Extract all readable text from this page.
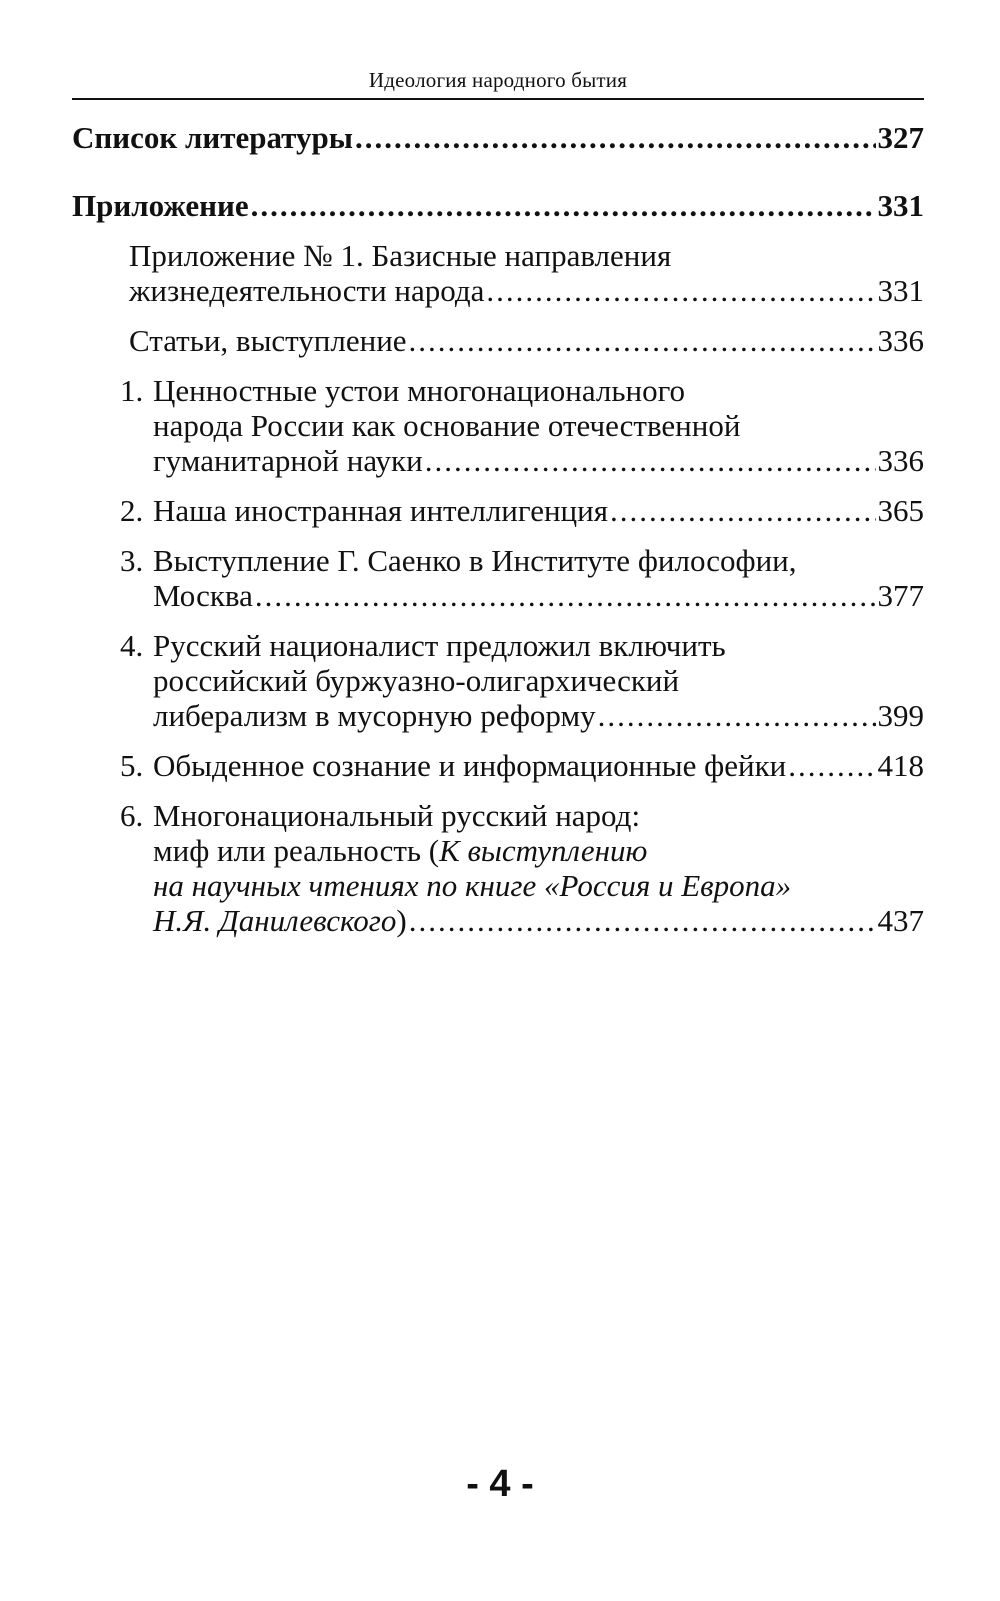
Идеология народного бытия
Список литературы .....	327
Приложение .....	331
Приложение № 1. Базисные направления
жизнедеятельности народа .....	331
Статьи, выступление .....	336
1. Ценностные устои многонационального
народа России как основание отечественной
гуманитарной науки .....	336
2. Наша иностранная интеллигенция .....	365
3. Выступление Г. Саенко в Институте философии,
Москва .....	377
4. Русский националист предложил включить
российский буржуазно-олигархический
либерализм в мусорную реформу .....	399
5. Обыденное сознание и информационные фейки .....	418
6. Многонациональный русский народ:
миф или реальность (К выступлению
на научных чтениях по книге «Россия и Европа»
Н.Я. Данилевского) .....	437
- 4 -
